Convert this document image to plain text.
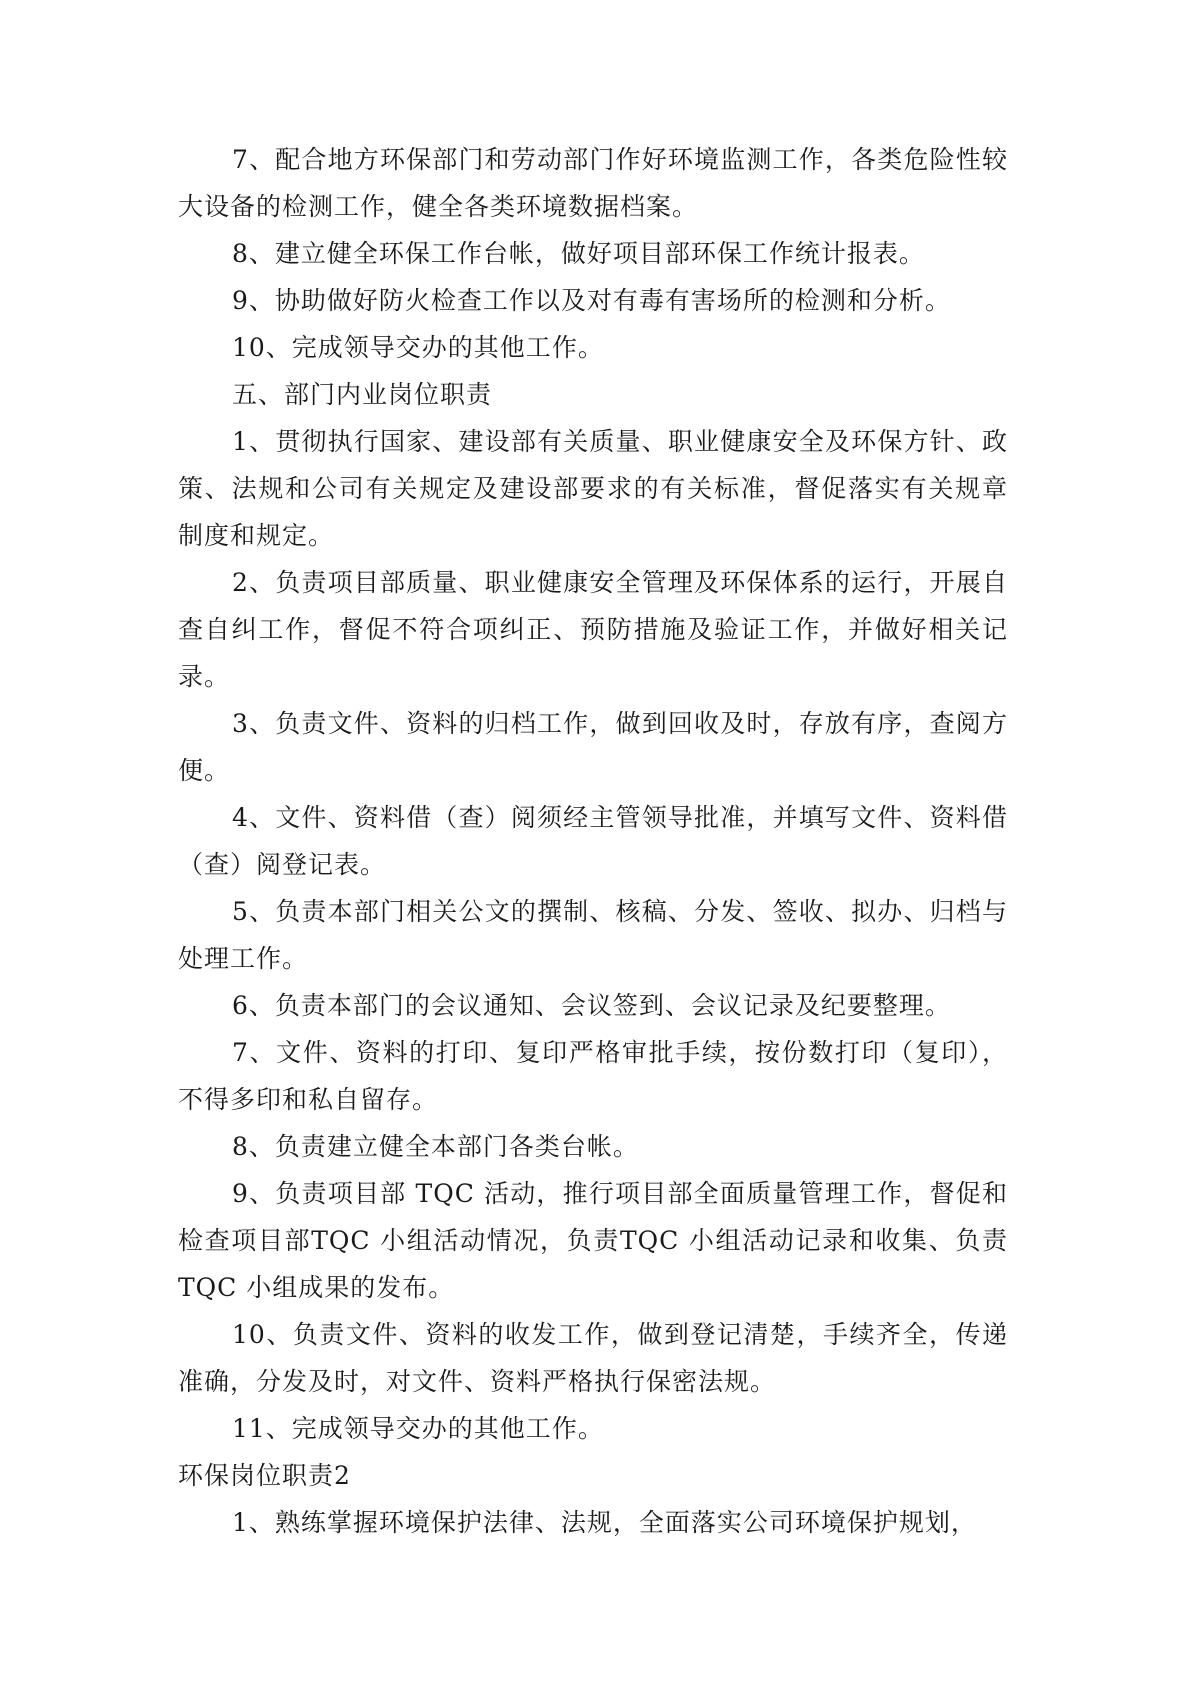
7、配合地方环保部门和劳动部门作好环境监测工作，各类危险性较大设备的检测工作，健全各类环境数据档案。

8、建立健全环保工作台帐，做好项目部环保工作统计报表。

9、协助做好防火检查工作以及对有毒有害场所的检测和分析。

10、完成领导交办的其他工作。

五、部门内业岗位职责

1、贯彻执行国家、建设部有关质量、职业健康安全及环保方针、政策、法规和公司有关规定及建设部要求的有关标准，督促落实有关规章制度和规定。

2、负责项目部质量、职业健康安全管理及环保体系的运行，开展自查自纠工作，督促不符合项纠正、预防措施及验证工作，并做好相关记录。

3、负责文件、资料的归档工作，做到回收及时，存放有序，查阅方便。

4、文件、资料借（查）阅须经主管领导批准，并填写文件、资料借（查）阅登记表。

5、负责本部门相关公文的撰制、核稿、分发、签收、拟办、归档与处理工作。

6、负责本部门的会议通知、会议签到、会议记录及纪要整理。

7、文件、资料的打印、复印严格审批手续，按份数打印（复印），不得多印和私自留存。

8、负责建立健全本部门各类台帐。

9、负责项目部 TQC 活动，推行项目部全面质量管理工作，督促和检查项目部TQC 小组活动情况，负责TQC 小组活动记录和收集、负责 TQC 小组成果的发布。

10、负责文件、资料的收发工作，做到登记清楚，手续齐全，传递准确，分发及时，对文件、资料严格执行保密法规。

11、完成领导交办的其他工作。

环保岗位职责2

1、熟练掌握环境保护法律、法规，全面落实公司环境保护规划，
